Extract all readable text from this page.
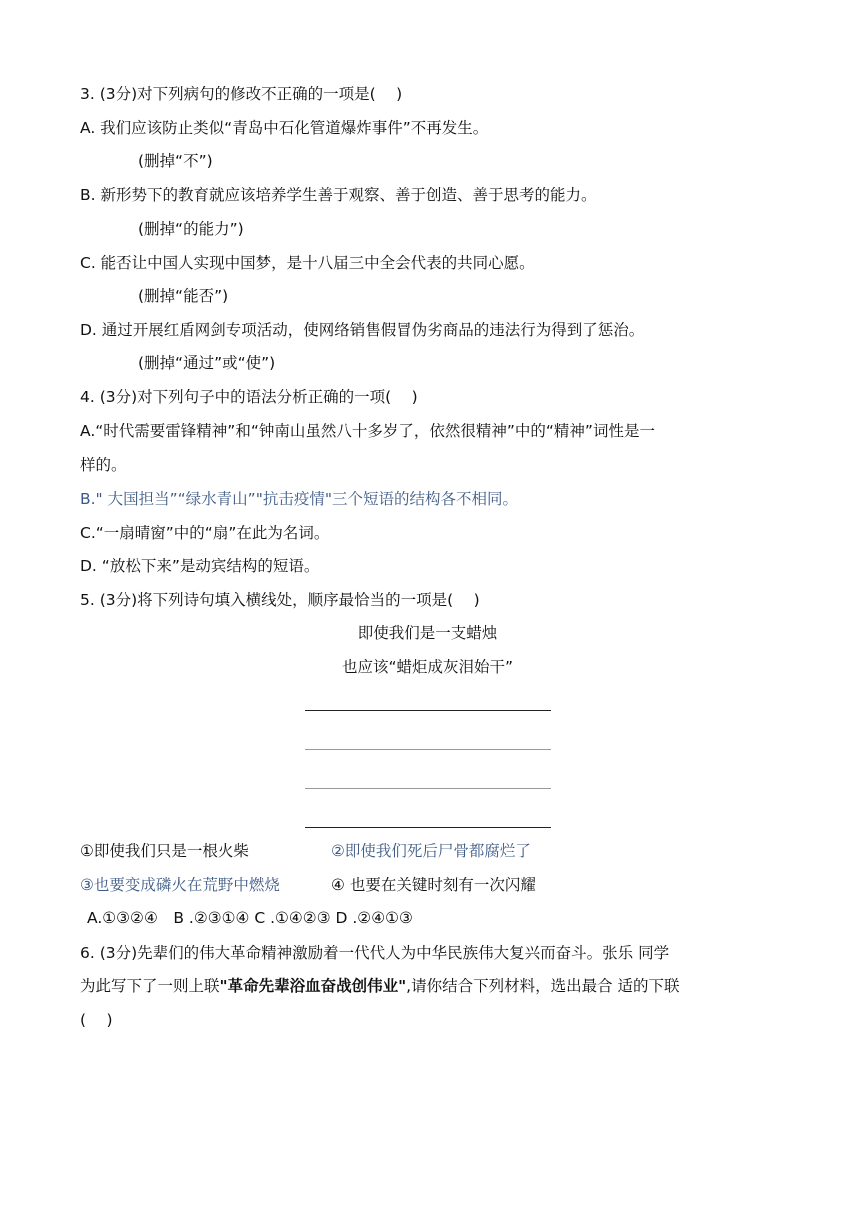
3. (3分)对下列病句的修改不正确的一项是(　 )
A. 我们应该防止类似“青岛中石化管道爆炸事件”不再发生。
(删掉“不”)
B. 新形势下的教育就应该培养学生善于观察、善于创造、善于思考的能力。
(删掉“的能力”)
C. 能否让中国人实现中国梦，是十八届三中全会代表的共同心愿。
(删掉“能否”)
D. 通过开展红盾网剑专项活动，使网络销售假冒伪劣商品的违法行为得到了惩治。
(删掉“通过”或“使”)
4. (3分)对下列句子中的语法分析正确的一项(　 )
A.“时代需要雷锋精神”和“钟南山虽然八十多岁了，依然很精神”中的“精神”词性是一
样的。
B." 大国担当”“绿水青山”"抗击疫情"三个短语的结构各不相同。
C.“一扇晴窗”中的“扇”在此为名词。
D. “放松下来”是动宾结构的短语。
5. (3分)将下列诗句填入横线处，顺序最恰当的一项是(　 )
即使我们是一支蜡烛
也应该“蜡炬成灰泪始干”
①即使我们只是一根火柴	②即使我们死后尸骨都腐烂了
③也要变成磷火在荒野中燃烧	④ 也要在关键时刻有一次闪耀
A.①③②④　B .②③①④ C .①④②③ D .②④①③
6. (3分)先辈们的伟大革命精神激励着一代代人为中华民族伟大复兴而奋斗。张乐 同学
为此写下了一则上联"革命先辈浴血奋战创伟业",请你结合下列材料，选出最合 适的下联
(　 )
